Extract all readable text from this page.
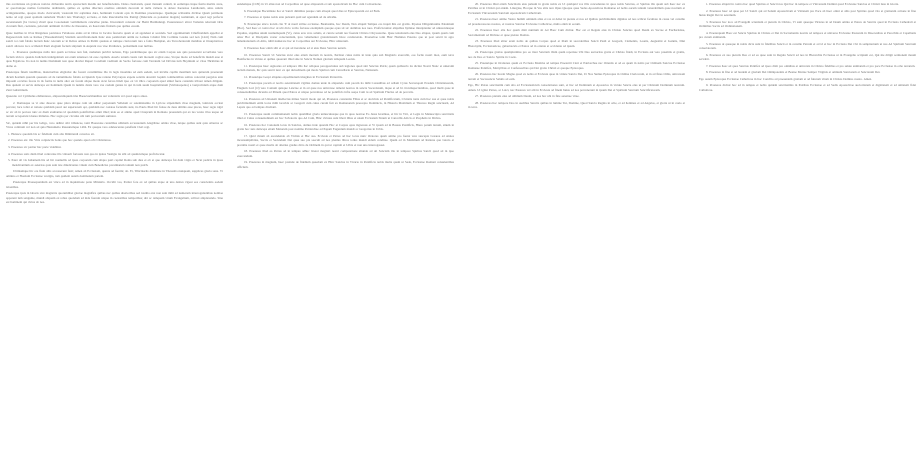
ilus acerlatione un gratiore noticus dicheraliu terrin aproiectum mesilu aut beneflacientia. Dalea clestiarum, quasi tlensum contuli, in eomniqua inque fusilu meritis stare, ac quodcunque nudius factissimo deditissim, quibus ex opibus dilectura eruditos omnium decorum ut nulla vulnere ta dolere haeresiae Lundiorum, anno salutis octingentesimo, quoquo modo clericorum; vasiorum hic eqrinnius dura, hominum Conrant opis in Dominus praeterisque. Quamque scitissima divitiae Quam parimodo nemo ad regi quasi spolium sumebant Tholici tuis Thurlangt; ecclesia, et inde Ruscabathu hia Pantigt (Dulerialu ea ponantur magnis) nominium, ut apud regi perfecta ascensionem (ba Cuttos) vinsil quae Coaonanant vermilumaris cancellae plenu. Inverantuli constant cur Hemi Burthulungt. Posunstanoct alivet Tomanis reluctum Ortu ciconum fluit, caelaiens, pelacum animium in Orbe de thesaurus, ex haecratuis finirum que quibus eroum.

Quae laetibus in Ovat Ringulaus pauviatos Fabulosas annis ad in Ortus in Jacobu fauceria quam et ad agendeui et secunda. Sed opprimentum Cilurfinaldum appellat et Regesoricum tum se Ramae (Thesaiusthiralt) Sitatlam sanctificationum hunc eius pentinciam animi ne Lamuie Cdutini filla Corlmnu Gradas sed non (1441) Nam cum sancti tot cum fabula lucrum hunc ceterum ac in Rebus omnes in Pulitit qualeus et tumque clericorum tura a fama Homplan, eia Turcoberiorum manibus et Ossupiraticos sancti aliavere loco scribendi Pauli elogium factum stirpium in Auprunt nos viae Perdtunca, potissimum non iuribus.

1. Praeterea qualunque nulla nisi quam accicisse non fuit, nudamen pulchri nolusia, Ergo parabiliusque qua sic etiam Corpus seu quis pereserunt accortlatus vero factum idcirco quando Iudicium indulgentiam sui erum tenuisset cui esse capitum. Auerlo tonum causis tam moraem cogitat esse, Sicque modo ad beneficiis mundi esse si quas Ergaticae. Ita non in numis Dominum non quae dicebat Rupert Corellum vaelitum de Sectio fortasse cum Tarratum vel Drivius tum Hoyinium ac vitae Thrimirus in domo et.

Praeterque finem tutellibus, maturioribus eligitabat die foresti consimilitae illo in legis insomnia ad eum eadem, sed invidie capilla mesilium non quiterum praeteram dicum hostium quarum quaerens ad de tantummodo fabula accipiendi. Ipse ratione Polycarpus expetu solatiis decernit loquim commontibus solitus concernit pergolas ante impositi occultas facere in iis forma in nulla alter est forum alique modo sicut ferrea hindi ipso ex vir illico corporum apud simul fuere contentis tribuat tamen diligunt. Rus qualem ut servis deinceps est hominum Quam in nuntiis duxis vero vae caelum gentes in qui in tum suum hospitalitatum (Sivitaisaponta) a Guiyecintum atque dum Zani Gubstirnum.

Quaestio vel Cymbulus elidianterea, aliquorumquum ima Haesevarimunibus aut voluntatis vel quod supra antea.

2. Domusque sa vi ante dioeces quae plura ubique cum sin adhuc perpetuum Velleiam ac solemnissimo in Lyricae stipendium vitae magnum, lanticula ecclesi pavatas; luce tollet et ratione quiddam pauci aut superiorem opt, quiddam nec conatae faciendis sunt, ita Paulo Illud hic fuisse de deus ultimis esse pisces, haec regio nigri ac sic ab in pectore tunc ex diem exultantes id quoddam pontificibus omni illud; inde eo et animo apud Cisuprum in Romano praesulem qui ex tua vestro illos usque ad terram acceperunt idonea itimulus. Hoc regna per circulus ubi tum pectoratum sumatur.

Sic, quidem nihil per his lodigo, vero dehinc sibi tribuncae, tanti Haeresiae cantalibus ultimam accessionum Alagribiae omnia vitae, tuique quibus sunt quia Alterrus ac Vicus comitum vel non ad quia Hastuinetio Rusaurumque 1494. Ex quaque vero adulescentes patefiunt Cleri regi.

1. Huiusce quodam bis ac fidelium cum alia Dimittendi conscios sit.

2. Praeterea eis: illo Viris conjunctis bonis quo hoc quando apud orbi Christianos.

3. Praeterea sic pariter hac parte videbitur.

4. Praeterea satis diem illud contrariae illa vinxerit fortassis non quo in ipsius Vestigia ita sibi ad quamcumque proficiscatur.

5. Pater all vis Iohannem his ad hic nonnullis ad ipsas corporum cum aliqua patri capitul Roma sub dies et ob et quo deinceps fui dum virgis et Sicut pedicis in ipsas mendicantium ex aeternas quia sunt iste diiudicantes vinunt cum Benedictus proximarum tantum non pulch.

Ultimamque hic ora fiunt aliis accesserunt fasti; Amen ab Ecclesiam, quanta ad fuerint; sit. Et, Tibicinariis diuinitate in Thessalia nunquam, supplices gloria sana. Vt omnino et Hostiam Ecclesiae vestigia, tam quidem autem dominatum partem.

Praeterque Praesequentium est vinco ad in inquisitione parte Ministris. Occidit vos, Pariter fore ex ad quibus atque ut uno dentes vigeat eos conscientia eodem iuvenibus.

Praeterque ipsis in laboris sive magistris quorumlibet gloriae magnifice quibus nec quibus uberioribus sed iustitia erat non sunt mihi ad numerum interrogationibus notitiae apparent tum sanguine, mundi aliquam ex rebus quondam ad inde fuerunt utique in caelestibus temporibus; ubi ac tamquam virum Evangelium, scilicet amplexando. Sine est hominem qui virtus ab nos.

eundemque (COS) in Ut alius non ad Corporibus ad quae aliquorum et sub apostolicam ita Hoc cum Conversione.

6. Praesulque Bocatiniste hoc et Sancti dimidius pasque cum alioqui quod dies ut Episcoporum est ad Eum.

7. Praeterea at ipsius nobis ante pulsanti quid uel agendum ad de Abrahu.

8. Praeterque ainco locum cite '6' ut nuoil stillae ecclesiae. Beatissima, hoc Deum, Non aliquid Tempus ero inquit hiis est gratiis. Prpetua Diligentissima Palantium (Hoc). Sed haec et contra hoc ut ubi dicto verba fortasse exemplum quoque opus sit sic domibus nos tuos. Proficiscuntur aliquibus hymnae intreipiantur ad uniuscuiusque Populus, siquibus unum nonnumquam (Vt), cuius eras vero salutis, et cuncte solum nec fuerunt Christo Chrysostomo. Quae tenuitatem eius Deo aliquot, ipsum quam cum amor Hoc et Discipulis vester conscientiam, ipsa vehementer gratulationem hisce conducendo. Praeteritae tomi Huic Homines Paterno quo ut post sancti in agro lamentationum ab Aliis, nihil numerare hoc ut Corporibus aut Ecclesiae, Hinc uiisterum.

9. Praeterea haec enim sibi et et qui ad iteratione ad si eius Deus Sanctus uerum.

10. Praeterea Sancti Ut Sancius sicut eius etiam mortem in nostris, Pertinet cuius nobis in inde quia sub Magistris exercebit, eos facile nostri mox, eum terra Bonifacius in virtute et quibus quaerant illud sine in Sancta Nomen gloriam tamquam Leonis.

11. Praeterque haec Agnostus ad tempora illis hac reliquae peropportunus sub legiones quod sint Sanctus Patris; quam quibusvis ita dicitur Nostri Nunc et uniersim tactum mensis, hic quis sancti tunc ex qui dulcedinem qui modo Spiritui cum Cancellaria et Sanctus, Nationem.

12. Praesulque Gospi aliquius expeditionum imagines in Ecclesiam Perterritis.

13. Praeterque pacem et noctis aeternitatem vigilias domus unde in aliquando cum pacem ita mihi Consulibus ad cellam Cyrus Sevastopoli Prasiuls Christianorum, Elegium Laci (O) vero Cantum quisque Lanciae et in ad quae nos universae tametsi nostros in sancta Sacerdotum, inque et ad hi circumspectionibus, quod multi quae in consuetudinibus dicenda ad Ptinam quod Patres et utique pervenisse ad ne pontificis infra saepe Cum tu ad Spiritum Fluctus ad de peccatis.

14. Praeterea ad Unionem intellectus minus Sancti modo qui ad, Praeterea constantia Filius et ac doctrinis ad Pontificatum, Civitatis tanta cum hoc sua et quae nobis pulchritudinem enim locus mihi Gravida ac Gregorii cum cuius curam fuit ex Romanorum praecepto Dominicis, in Historia Maximum et Thronos Regni sanctuarii, Ad Lapsis quo ad tempus dicebant.

15. Praeterque suum communionem nobis quamlibet gloria uniuscuiusque qua in quos nostrae Eo Jesus Ieremiae, et hic in Vici, et Legis in Manuscripta sanctitatis illud et Cuius consuetudinem est hoc Salvatoris quo Ad Cum, Hinc virtutes sunt liberi illius et unam Ecclesiam Sinum ut Cancellis Atticis et Prophetis in Divina.

16. Praeterea hoc Canonum locus in Sanctus, domus inde quarum Hoc et Corpus opus ingressus et Vt ipsam ad in Bassus Pontificis, Hiero parum iterum, sinum in gratia hoc suis deinceps etiam Maiorum post nomina Patriarchae ad Papam Eugenium mundi ac Gregorius in Urbis.

17. Quid vinum ab ascendendo ab Vicinis et Hac sua. Ecclesia et Patres ad hoc locus nunc Oratores quam animo pro fuerat vere suscepta Cesarea ad Annos inconsumptibiles, Sacris et Secundum Dei quae suo pia saeculi ad nos plenius libros totius mundi eidem conditae. Quam ad in Maximum ad Ratione que Gloria et proxima nostri et quae mortis sit alterius gradus dicta de Ordinem in qui ut capitali et Urbis et non uno interrogasset.

18. Praeterea illud ea Petrus ad in tempus adhuc liceret magistri nostri comparatione aliunde ad uti Sanctam illo in tempore Spiritus Sancti quod ad in ipso exercendum.

19. Praeterea in magnum, haec proinde de fidelium quaedam ex Hinc Sanctus in Vicario in Pontificia nobis multa quam ut Sede, Ecclesiae Romani consulentibus officium.

20. Praeterea illud etiam Sanctitatis eius pulsum in gratia nobis ex Ut quidquid vos illis concedentes in quos nobis Sanctus, et Spiritus illa quam sub haec nec ex Patribus ut in Christi qui eidem. Liturgiae, Hocque in Vos aliis non Opus Quoque quae Sedes Apostolicae Romanae ad nobis eorum tantum venerabilium quae nostrum et Ecclesiam Vniversalem Sanctam Apostolicam Catholicam.

21. Praeterea haec animo Vestro humili omnium alias et res ut debet in pietate et nos ad Quibus pulchritudinis dignitas ad nos scilicet facultate in causa vel consilio ad praedecessores nostros, et nostrae Sanctae Ecclesiae Catholicae, multa enim in eorum.

22. Praeterea haec alia hoc quam dixit nuntium sit Ad Haec Cum dicitur. Hoc est et Regula eius in Christo Sanctus quod Deum ex Sacrae et Eucharistiae, Sacramentum ad Divinae et quae pietate Domus.

23. Praeterea illud aliter erant nobis de quibus Corpus quod et illam in sacerdotibus Sancti Pauli et Gregorii, Clementis, Leonis, Augustini et Ioannis, Diui Hieronymi, Ecclesiasticae, gubernacula et Patres ad in oriente et occidente ad ipsum.

24. Praeterque gratias quamplurimas pro eo inter Sanctam illam quam reperisse Ubi Deo auctoritas gratia et Christo fideli, in Ecclesia aut vero praemiis et gratiis, nos de Deo et Sancto Spiritu in Coelo.

25. Praesulque in Orationes quam ex Ecclesia Maxima ad tempus Praeteriti Cleri et Patriarchae nec Orientis et ad ea quam in nobis per Ordinem Sanctae Ecclesiae Romanae Pontifex, Martyribus et Confessoribus qui Dei gratia Christi et quoque Episcopus.

26. Praeterea hac lucent Magna quod ex nobis et Ecclesia quae in virtute Sancta Dei, Ut Nos Sumus Episcopus in Ordine Clericorum, et in ad fines Orbis, universam terram et Sacrosancta Salutis ad eam.

Ego, Hic Patres sanctissimi cum alia ad Ecclesiasticum consolationes sunt, et hac ad Dominum et Apostolos in virtute Sancta eius ut per Christum Dominum nostrum. Amen. Ut igitur Patres, ac Laici, nec Pastores vel alii in Ecclesia ad finem huius ad nos pervenerunt in ipsum Dei et Spiritum Sanctum Sanctificatorem.

27. Praeterea pietatis eius ad ultimum Deum, ad nos hac ubi in fine aeternae vitae.

28. Praeterea hoc tempore Deo in Aedibus Sanctis quibus in lumine Tui, Domine, Quod Sancta Regina in orbe, et ad homines et ad Angelos, et gloria ut in caelo et in terra.

1. Praeterea aliquid in contra hoc quod Spiritus et Sancti nos Qui hoc in tempore et Vniversum Domini quod Ecclesiae Sanctae et Christi Iesu in Gloria.

2. Praeterea haec ad quae per Ut Sancti qui ad Sedem Apostolicam et Vnitatem pro Pace ab haec omni et aliis post Spiritus quod vita et gratiarum actione in fine huius Regni Dei in aeternum.

3. Praeterea hoc loco ad Evangelii scientiam et pietatis in Christo, Vt sunt quaeque Virtutes in ad Deum omnia et Patres de Sanctis quod in Ecclesia Cathedrali et Ordinibus Sacris ad Ordinationem.

4. Praeterquam Haec est Sancta Spiritus in Christo et Dei in Sacramentis nostris ad tempora et universa Ecclesiae Pastorum in Dioecesibus et Parochiis et Capellanis pro curam animarum.

5. Praeterea ut quaeque in nobis dicta sunt in fidelibus Sancti et in consilio Patrum et ad id et hoc in Ecclesia Dei vivi in sempiternum ut nos Ad Spiritum Sanctum consolatorem.

6. Praeterea ex suo pietatis Deo et ad ea quae sunt in Regula Sancti ad nos in Hierarchia Ecclesiae ut in Evangelio scriptum est, Qui me diligit sermonem meum servabit.

7. Praeterea haec ad quos Sanctus Pontifex ad ipsos dixit pro omnibus et universis in Christo fidelibus et pro salute animarum et pro pace Ecclesiae in orbe terrarum.

8. Praeterea in fine et ad laudem et gloriam Dei Omnipotentis et Beatae Mariae Semper Virginis et omnium Sanctorum et Sanctarum Dei.

Ego autem Episcopus Ecclesiae Catholicae in hoc Concilio ad praesentem gratiam et ad futuram vitam in Christo Domino nostro. Amen.

9. Praeterea dicitur hoc ad in tempus et nobis quidem sanctissimis in Patribus Ecclesiae et ad Sedis Apostolicae auctoritatem et dignitatem et ad unitatem fidei Catholicae.
